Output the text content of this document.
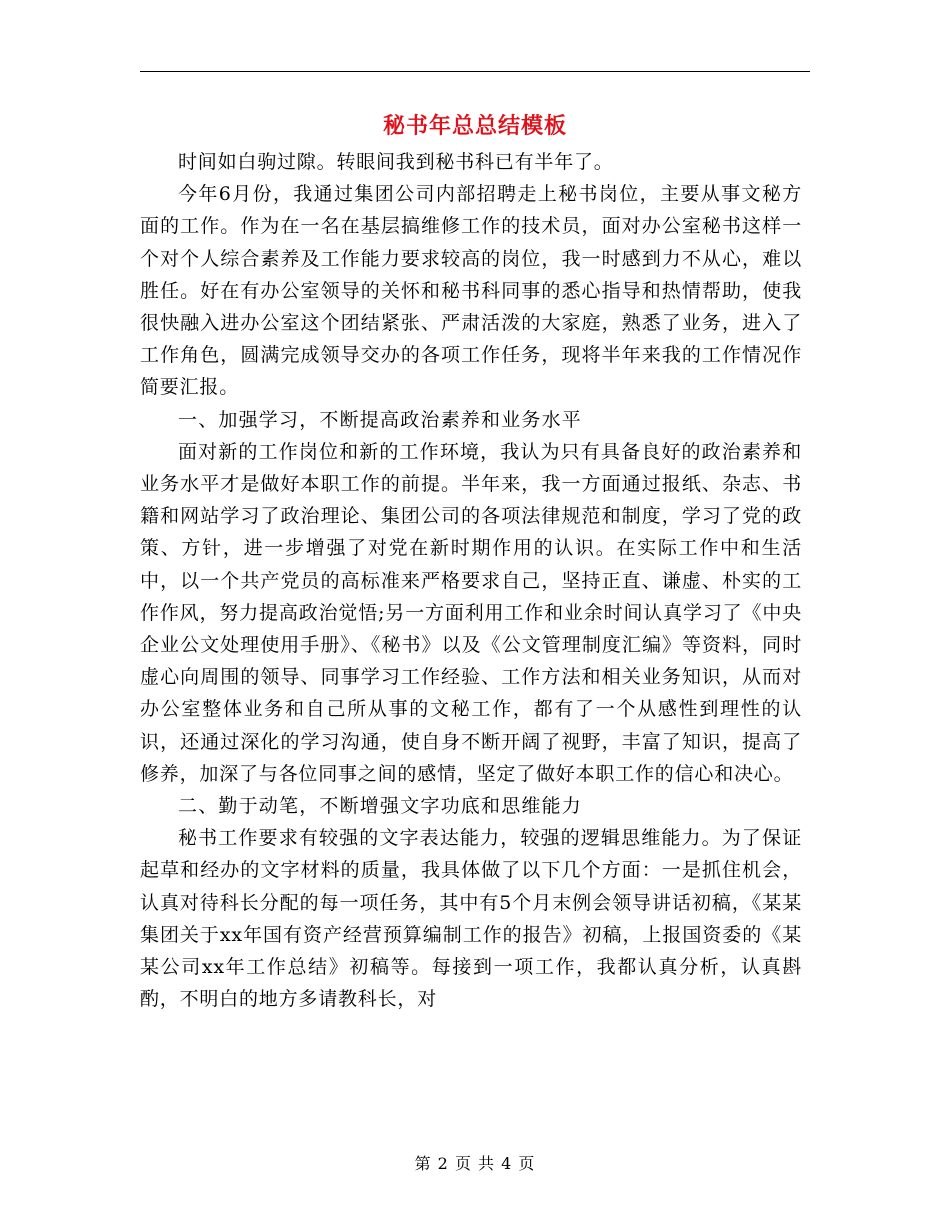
秘书年总总结模板

时间如白驹过隙。转眼间我到秘书科已有半年了。

今年6月份，我通过集团公司内部招聘走上秘书岗位，主要从事文秘方面的工作。作为在一名在基层搞维修工作的技术员，面对办公室秘书这样一个对个人综合素养及工作能力要求较高的岗位，我一时感到力不从心，难以胜任。好在有办公室领导的关怀和秘书科同事的悉心指导和热情帮助，使我很快融入进办公室这个团结紧张、严肃活泼的大家庭，熟悉了业务，进入了工作角色，圆满完成领导交办的各项工作任务，现将半年来我的工作情况作简要汇报。

一、加强学习，不断提高政治素养和业务水平

面对新的工作岗位和新的工作环境，我认为只有具备良好的政治素养和业务水平才是做好本职工作的前提。半年来，我一方面通过报纸、杂志、书籍和网站学习了政治理论、集团公司的各项法律规范和制度，学习了党的政策、方针，进一步增强了对党在新时期作用的认识。在实际工作中和生活中，以一个共产党员的高标准来严格要求自己，坚持正直、谦虚、朴实的工作作风，努力提高政治觉悟;另一方面利用工作和业余时间认真学习了《中央企业公文处理使用手册》、《秘书》以及《公文管理制度汇编》等资料，同时虚心向周围的领导、同事学习工作经验、工作方法和相关业务知识，从而对办公室整体业务和自己所从事的文秘工作，都有了一个从感性到理性的认识，还通过深化的学习沟通，使自身不断开阔了视野，丰富了知识，提高了修养，加深了与各位同事之间的感情，坚定了做好本职工作的信心和决心。

二、勤于动笔，不断增强文字功底和思维能力

秘书工作要求有较强的文字表达能力，较强的逻辑思维能力。为了保证起草和经办的文字材料的质量，我具体做了以下几个方面：一是抓住机会，认真对待科长分配的每一项任务，其中有5个月末例会领导讲话初稿，《某某集团关于xx年国有资产经营预算编制工作的报告》初稿，上报国资委的《某某公司xx年工作总结》初稿等。每接到一项工作，我都认真分析，认真斟酌，不明白的地方多请教科长，对

第 2 页 共 4 页
